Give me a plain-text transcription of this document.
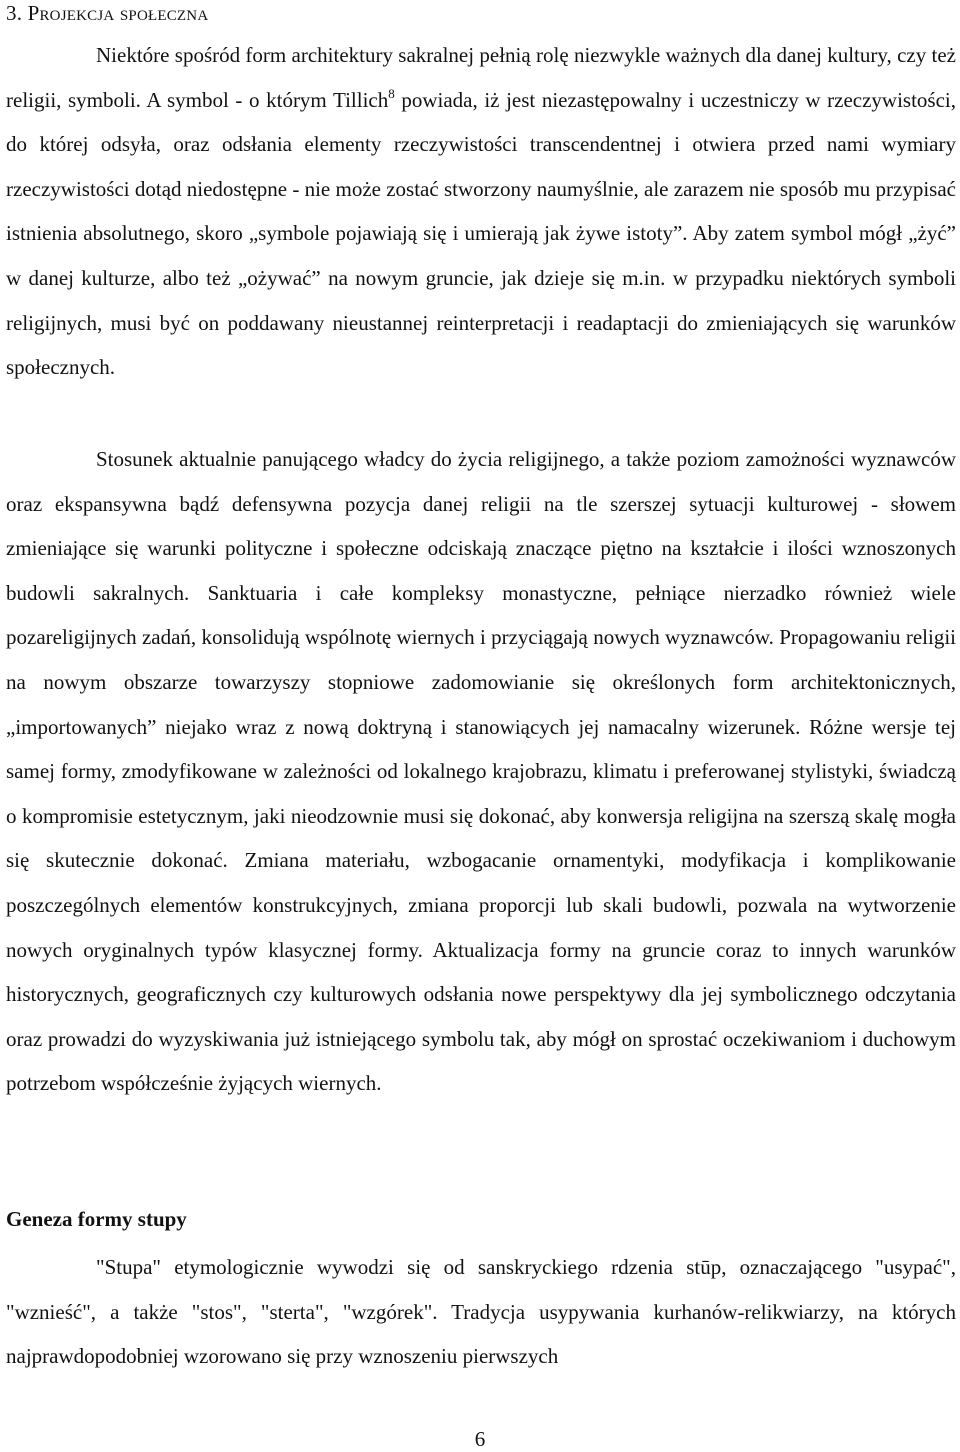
3. Projekcja społeczna

Niektóre spośród form architektury sakralnej pełnią rolę niezwykle ważnych dla danej kultury, czy też religii, symboli. A symbol - o którym Tillich$^8$ powiada, iż jest niezastępowalny i uczestniczy w rzeczywistości, do której odsyła, oraz odsłania elementy rzeczywistości transcendentnej i otwiera przed nami wymiary rzeczywistości dotąd niedostępne - nie może zostać stworzony naumyślnie, ale zarazem nie sposób mu przypisać istnienia absolutnego, skoro „symbole pojawiają się i umierają jak żywe istoty”. Aby zatem symbol mógł „żyć” w danej kulturze, albo też „ożywać” na nowym gruncie, jak dzieje się m.in. w przypadku niektórych symboli religijnych, musi być on poddawany nieustannej reinterpretacji i readaptacji do zmieniających się warunków społecznych.

Stosunek aktualnie panującego władcy do życia religijnego, a także poziom zamożności wyznawców oraz ekspansywna bądź defensywna pozycja danej religii na tle szerszej sytuacji kulturowej - słowem zmieniające się warunki polityczne i społeczne odciskają znaczące piętno na kształcie i ilości wznoszonych budowli sakralnych. Sanktuaria i całe kompleksy monastyczne, pełniące nierzadko również wiele pozareligijnych zadań, konsolidują wspólnotę wiernych i przyciągają nowych wyznawców. Propagowaniu religii na nowym obszarze towarzyszy stopniowe zadomowianie się określonych form architektonicznych, „importowanych” niejako wraz z nową doktryną i stanowiących jej namacalny wizerunek. Różne wersje tej samej formy, zmodyfikowane w zależności od lokalnego krajobrazu, klimatu i preferowanej stylistyki, świadczą o kompromisie estetycznym, jaki nieodzownie musi się dokonać, aby konwersja religijna na szerszą skalę mogła się skutecznie dokonać. Zmiana materiału, wzbogacanie ornamentyki, modyfikacja i komplikowanie poszczególnych elementów konstrukcyjnych, zmiana proporcji lub skali budowli, pozwala na wytworzenie nowych oryginalnych typów klasycznej formy. Aktualizacja formy na gruncie coraz to innych warunków historycznych, geograficznych czy kulturowych odsłania nowe perspektywy dla jej symbolicznego odczytania oraz prowadzi do wyzyskiwania już istniejącego symbolu tak, aby mógł on sprostać oczekiwaniom i duchowym potrzebom współcześnie żyjących wiernych.

Geneza formy stupy

"Stupa" etymologicznie wywodzi się od sanskryckiego rdzenia stūp, oznaczającego "usypać", "wznieść", a także "stos", "sterta", "wzgórek". Tradycja usypywania kurhanów-relikwiarzy, na których najprawdopodobniej wzorowano się przy wznoszeniu pierwszych

6
